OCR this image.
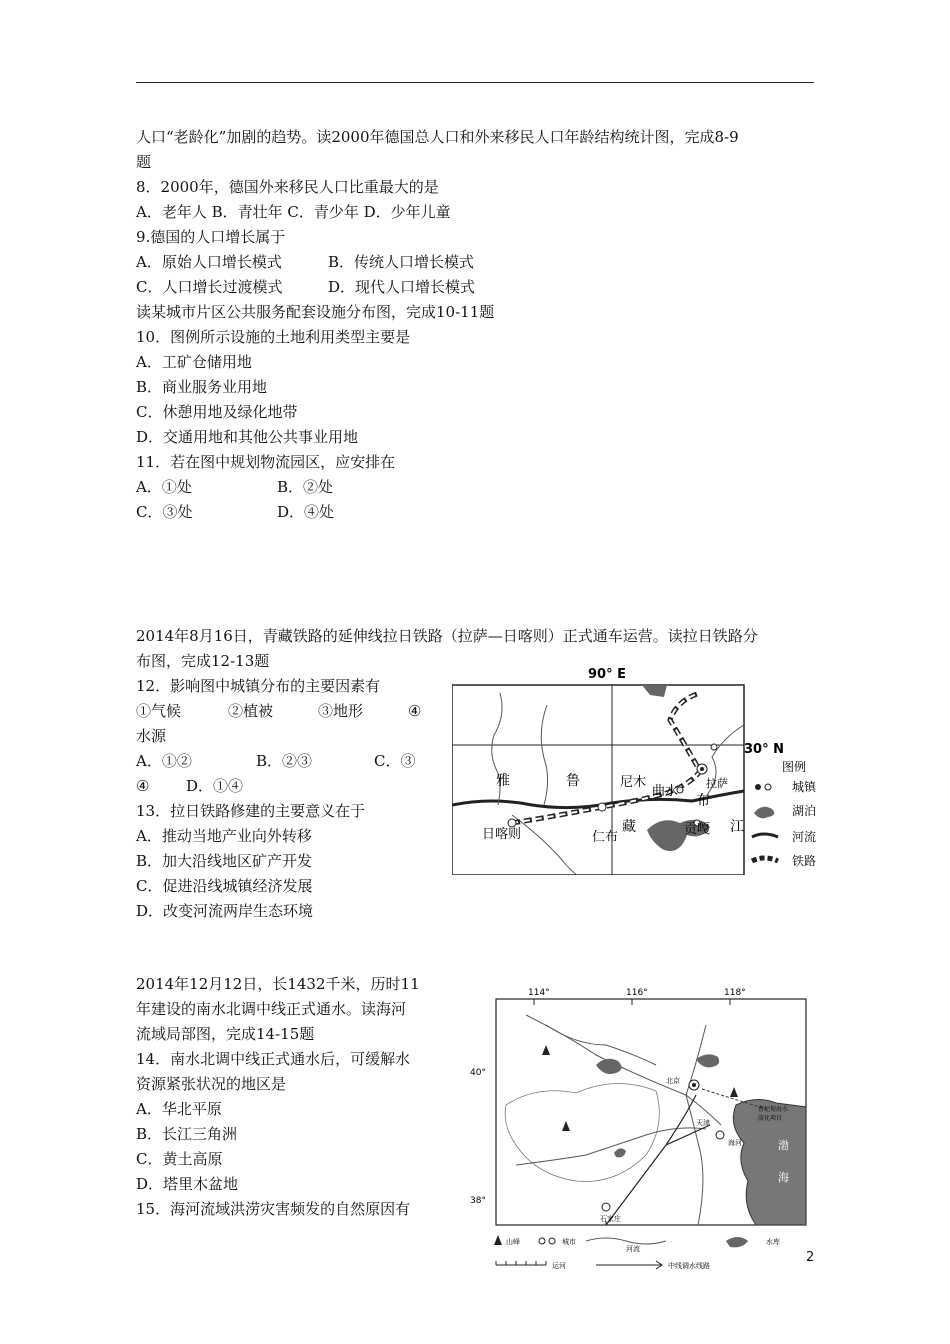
人口“老龄化”加剧的趋势。读2000年德国总人口和外来移民人口年龄结构统计图，完成8-9
题
8．2000年，德国外来移民人口比重最大的是
A．老年人 B．青壮年 C．青少年 D．少年儿童
9.德国的人口增长属于
A．原始人口增长模式	B．传统人口增长模式
C．人口增长过渡模式	D．现代人口增长模式
读某城市片区公共服务配套设施分布图，完成10-11题
10．图例所示设施的土地利用类型主要是
A．工矿仓储用地
B．商业服务业用地
C．休憩用地及绿化地带
D．交通用地和其他公共事业用地
11．若在图中规划物流园区，应安排在
A．①处	B．②处
C．③处	D．④处
2014年8月16日，青藏铁路的延伸线拉日铁路（拉萨—日喀则）正式通车运营。读拉日铁路分
布图，完成12-13题
12．影响图中城镇分布的主要因素有
①气候	②植被	③地形	④
水源
A．①②	B．②③	C．③
④ D．①④
13．拉日铁路修建的主要意义在于
A．推动当地产业向外转移
B．加大沿线地区矿产开发
C．促进沿线城镇经济发展
D．改变河流两岸生态环境
2014年12月12日，长1432千米，历时11
年建设的南水北调中线正式通水。读海河
流域局部图，完成14-15题
14．南水北调中线正式通水后，可缓解水
资源紧张状况的地区是
A．华北平原
B．长江三角洲
C．黄土高原
D．塔里木盆地
15．海河流域洪涝灾害频发的自然原因有
90° E
雅	鲁
藏
布
江
尼木
曲水
拉萨
日喀则	仁布
贡嘎
30° N
图例
城镇
湖泊
河流
铁路
114°	116°	118°
40°
38°
渤
海
北京
天津
海河
石家庄
曹妃甸海水
淡化项目
山峰	城市
河流
水库
运河	中线调水线路
2
